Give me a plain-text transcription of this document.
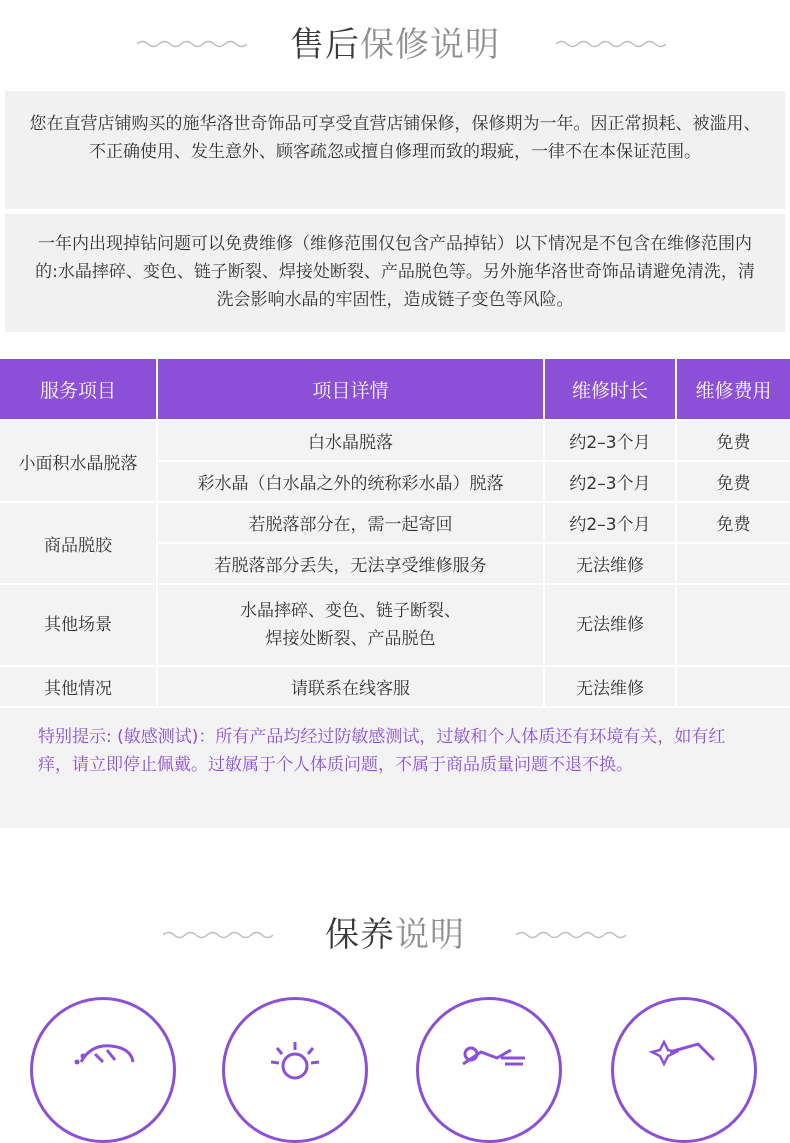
售后保修说明
您在直营店铺购买的施华洛世奇饰品可享受直营店铺保修，保修期为一年。因正常损耗、被滥用、不正确使用、发生意外、顾客疏忽或擅自修理而致的瑕疵，一律不在本保证范围。
一年内出现掉钻问题可以免费维修（维修范围仅包含产品掉钻）以下情况是不包含在维修范围内的:水晶摔碎、变色、链子断裂、焊接处断裂、产品脱色等。另外施华洛世奇饰品请避免清洗，清洗会影响水晶的牢固性，造成链子变色等风险。
服务项目	项目详情	维修时长	维修费用
小面积水晶脱落	白水晶脱落	约2–3个月	免费
	彩水晶（白水晶之外的统称彩水晶）脱落	约2–3个月	免费
商品脱胶	若脱落部分在，需一起寄回	约2–3个月	免费
	若脱落部分丢失，无法享受维修服务	无法维修	
其他场景	水晶摔碎、变色、链子断裂、
焊接处断裂、产品脱色	无法维修	
其他情况	请联系在线客服	无法维修	
特别提示: (敏感测试)：所有产品均经过防敏感测试，过敏和个人体质还有环境有关，如有红痒，请立即停止佩戴。过敏属于个人体质问题，不属于商品质量问题不退不换。
保养说明
